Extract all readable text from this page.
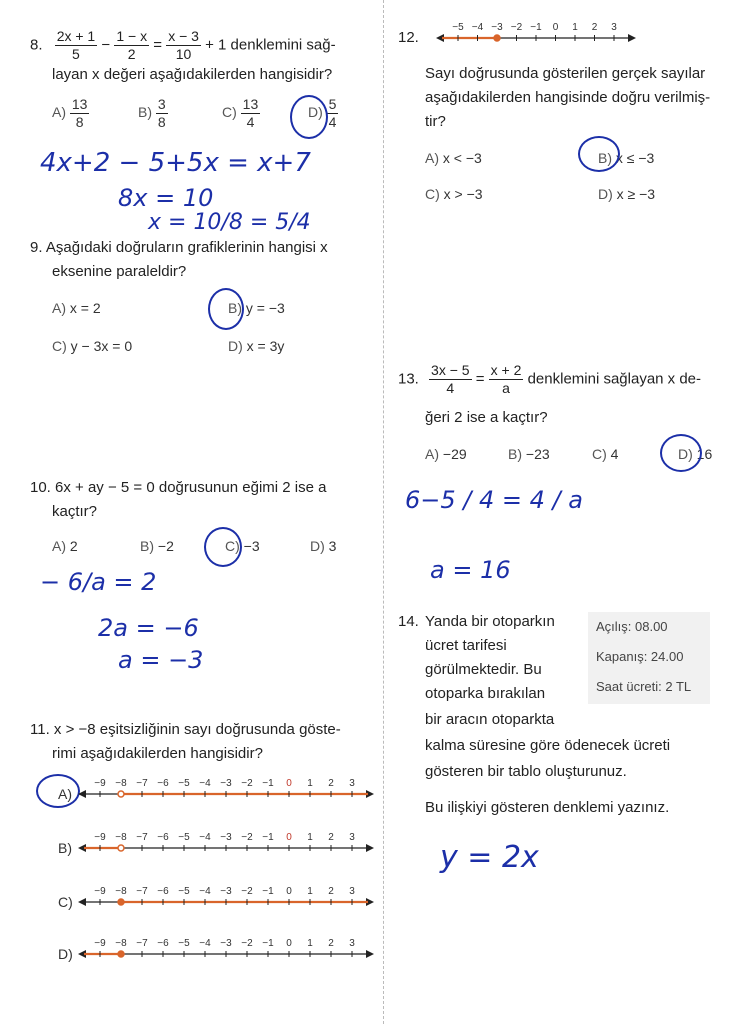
8. $\frac{2x + 1}{5} - \frac{1 - x}{2} = \frac{x - 3}{10} + 1$ denklemini sağ-
layan x değeri aşağıdakilerden hangisidir?
$A) \frac{13}{8}$	$B) \frac{3}{8}$	$C) \frac{13}{4}$	$D) \frac{5}{4}$
4x+2 − 5+5x = x+7
8x = 10
x = 10/8 = 5/4
9. Aşağıdaki doğruların grafiklerinin hangisi x
eksenine paraleldir?
A) x = 2	B) y = −3
C) y − 3x = 0	D) x = 3y
10. 6x + ay − 5 = 0 doğrusunun eğimi 2 ise a
kaçtır?
A) 2	B) −2	C) −3	D) 3
− 6/a = 2
2a = −6
a = −3
11. x > −8 eşitsizliğinin sayı doğrusunda göste-
rimi aşağıdakilerden hangisidir?
A)
B)
C)
D)
−9 −8 −7 −6 −5 −4 −3 −2 −1 0 1 2 3
−9 −8 −7 −6 −5 −4 −3 −2 −1 0 1 2 3
−9 −8 −7 −6 −5 −4 −3 −2 −1 0 1 2 3
−9 −8 −7 −6 −5 −4 −3 −2 −1 0 1 2 3
12.
−5 −4 −3 −2 −1 0 1 2 3
Sayı doğrusunda gösterilen gerçek sayılar
aşağıdakilerden hangisinde doğru verilmiş-
tir?
A) x < −3	B) x ≤ −3
C) x > −3	D) x ≥ −3
13. $\frac{3x - 5}{4} = \frac{x + 2}{a}$ denklemini sağlayan x de-
ğeri 2 ise a kaçtır?
A) −29	B) −23	C) 4	D) 16
6−5 / 4 = 4 / a
a = 16
14. Yanda bir otoparkın
ücret tarifesi
görülmektedir. Bu
otoparka bırakılan
bir aracın otoparkta
kalma süresine göre ödenecek ücreti
gösteren bir tablo oluşturunuz.
Açılış: 08.00
Kapanış: 24.00
Saat ücreti: 2 TL
Bu ilişkiyi gösteren denklemi yazınız.
y = 2x
